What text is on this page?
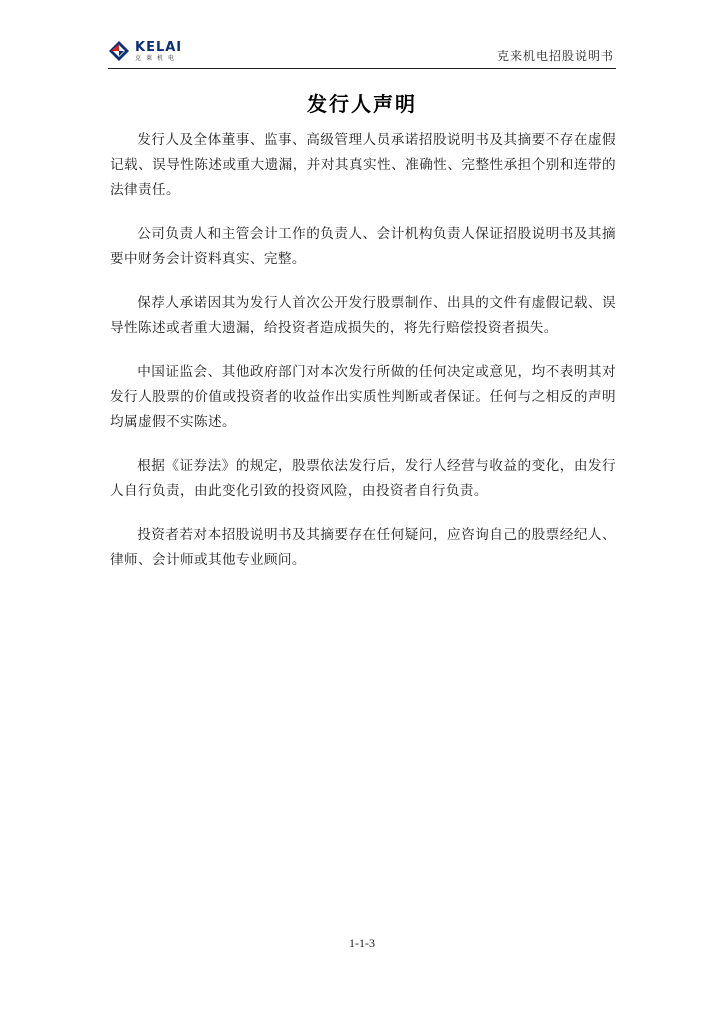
KELAI
克莱机电	克来机电招股说明书
发行人声明

发行人及全体董事、监事、高级管理人员承诺招股说明书及其摘要不存在虚假记载、误导性陈述或重大遗漏，并对其真实性、准确性、完整性承担个别和连带的法律责任。

公司负责人和主管会计工作的负责人、会计机构负责人保证招股说明书及其摘要中财务会计资料真实、完整。

保荐人承诺因其为发行人首次公开发行股票制作、出具的文件有虚假记载、误导性陈述或者重大遗漏，给投资者造成损失的，将先行赔偿投资者损失。

中国证监会、其他政府部门对本次发行所做的任何决定或意见，均不表明其对发行人股票的价值或投资者的收益作出实质性判断或者保证。任何与之相反的声明均属虚假不实陈述。

根据《证券法》的规定，股票依法发行后，发行人经营与收益的变化，由发行人自行负责，由此变化引致的投资风险，由投资者自行负责。

投资者若对本招股说明书及其摘要存在任何疑问，应咨询自己的股票经纪人、律师、会计师或其他专业顾问。

1-1-3
